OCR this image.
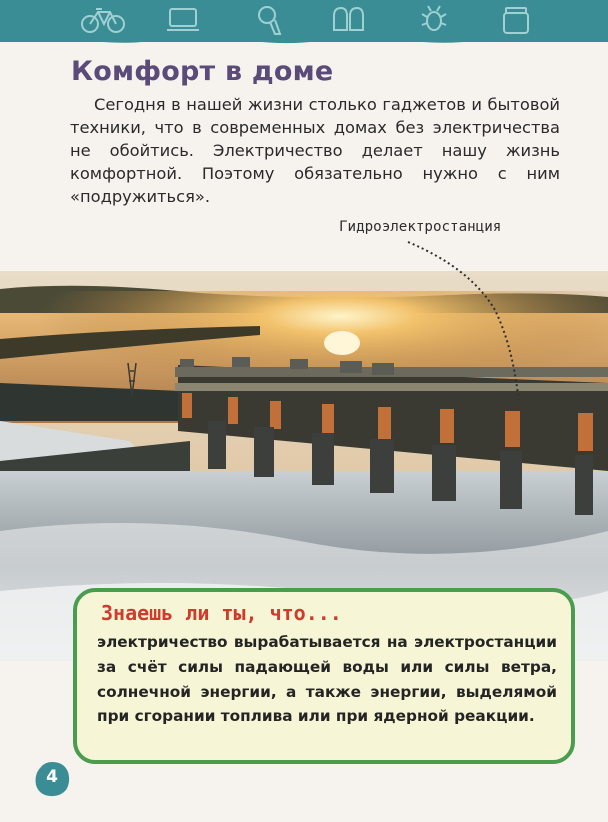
Комфорт в доме

Сегодня в нашей жизни столько гаджетов и бытовой техники, что в современных домах без электричества не обойтись. Электричество делает нашу жизнь комфортной. Поэтому обязательно нужно с ним «подружиться».

Гидроэлектростанция
Знаешь ли ты, что...
электричество вырабатывается на электростанции за счёт силы падающей воды или силы ветра, солнечной энергии, а также энергии, выделямой при сгорании топлива или при ядерной реакции.
4
